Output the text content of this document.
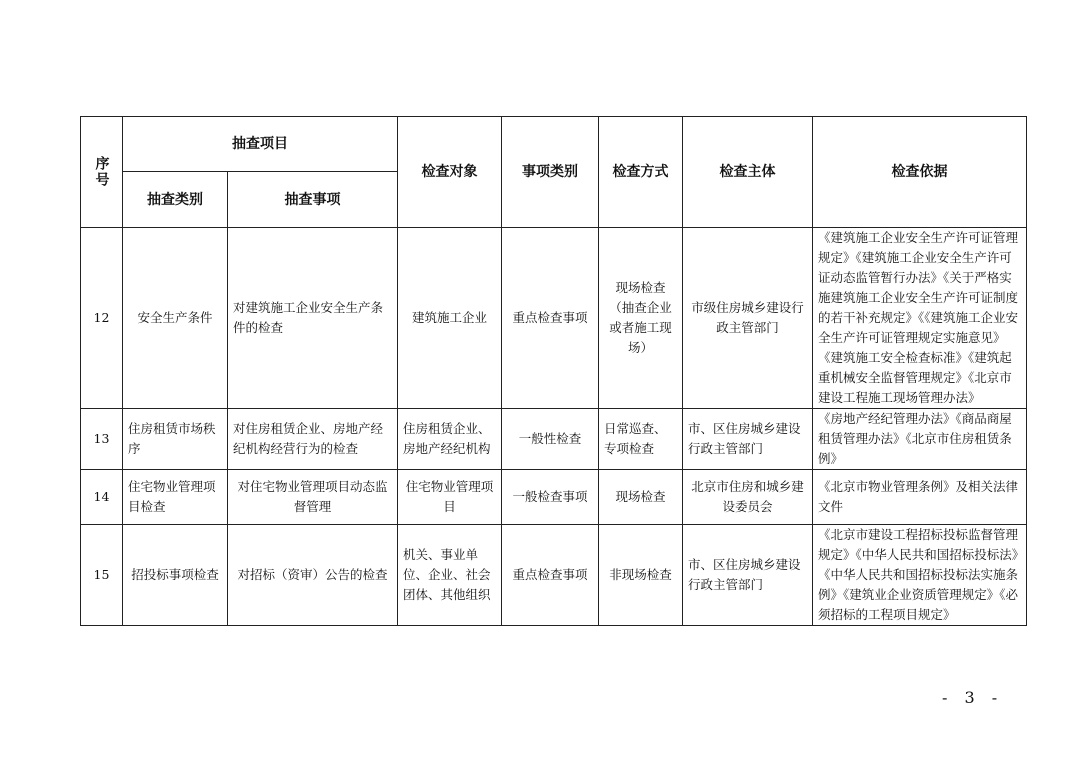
序号	抽查项目		检查对象	事项类别	检查方式	检查主体	检查依据
	抽查类别	抽查事项					
12	安全生产条件	对建筑施工企业安全生产条件的检查	建筑施工企业	重点检查事项	现场检查（抽查企业或者施工现场）	市级住房城乡建设行政主管部门	《建筑施工企业安全生产许可证管理规定》《建筑施工企业安全生产许可证动态监管暂行办法》《关于严格实施建筑施工企业安全生产许可证制度的若干补充规定》《《建筑施工企业安全生产许可证管理规定实施意见》《建筑施工安全检查标准》《建筑起重机械安全监督管理规定》《北京市建设工程施工现场管理办法》
13	住房租赁市场秩序	对住房租赁企业、房地产经纪机构经营行为的检查	住房租赁企业、房地产经纪机构	一般性检查	日常巡查、专项检查	市、区住房城乡建设行政主管部门	《房地产经纪管理办法》《商品商屋租赁管理办法》《北京市住房租赁条例》
14	住宅物业管理项目检查	对住宅物业管理项目动态监督管理	住宅物业管理项目	一般检查事项	现场检查	北京市住房和城乡建设委员会	《北京市物业管理条例》及相关法律文件
15	招投标事项检查	对招标（资审）公告的检查	机关、事业单位、企业、社会团体、其他组织	重点检查事项	非现场检查	市、区住房城乡建设行政主管部门	《北京市建设工程招标投标监督管理规定》《中华人民共和国招标投标法》《中华人民共和国招标投标法实施条例》《建筑业企业资质管理规定》《必须招标的工程项目规定》
- 3 -
